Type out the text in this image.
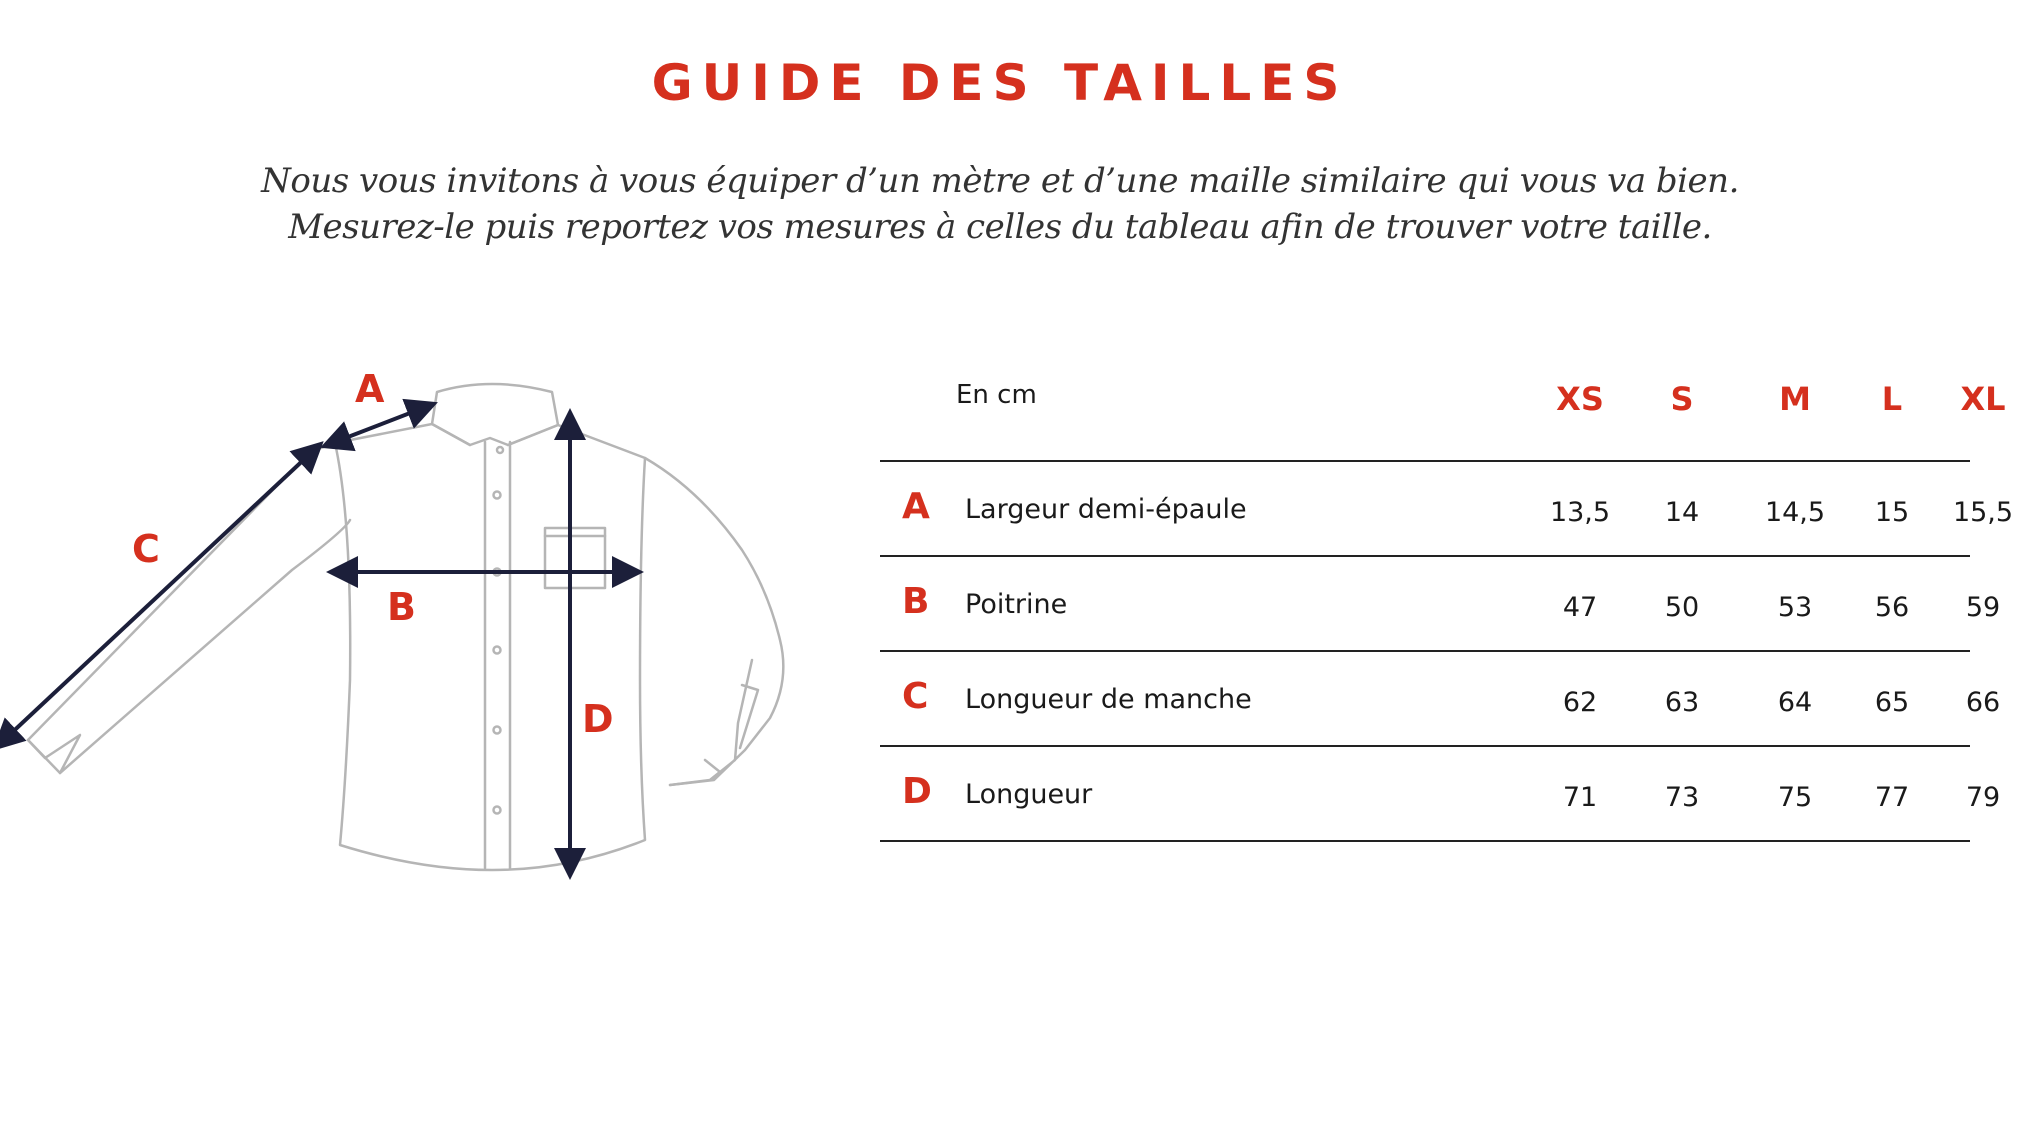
GUIDE DES TAILLES
Nous vous invitons à vous équiper d’un mètre et d’une maille similaire qui vous va bien.
Mesurez-le puis reportez vos mesures à celles du tableau afin de trouver votre taille.
A
B
C
D
En cm	XS	S	M	L	XL
A Largeur demi-épaule	13,5	14	14,5	15	15,5
B Poitrine	47	50	53	56	59
C Longueur de manche	62	63	64	65	66
D Longueur	71	73	75	77	79
